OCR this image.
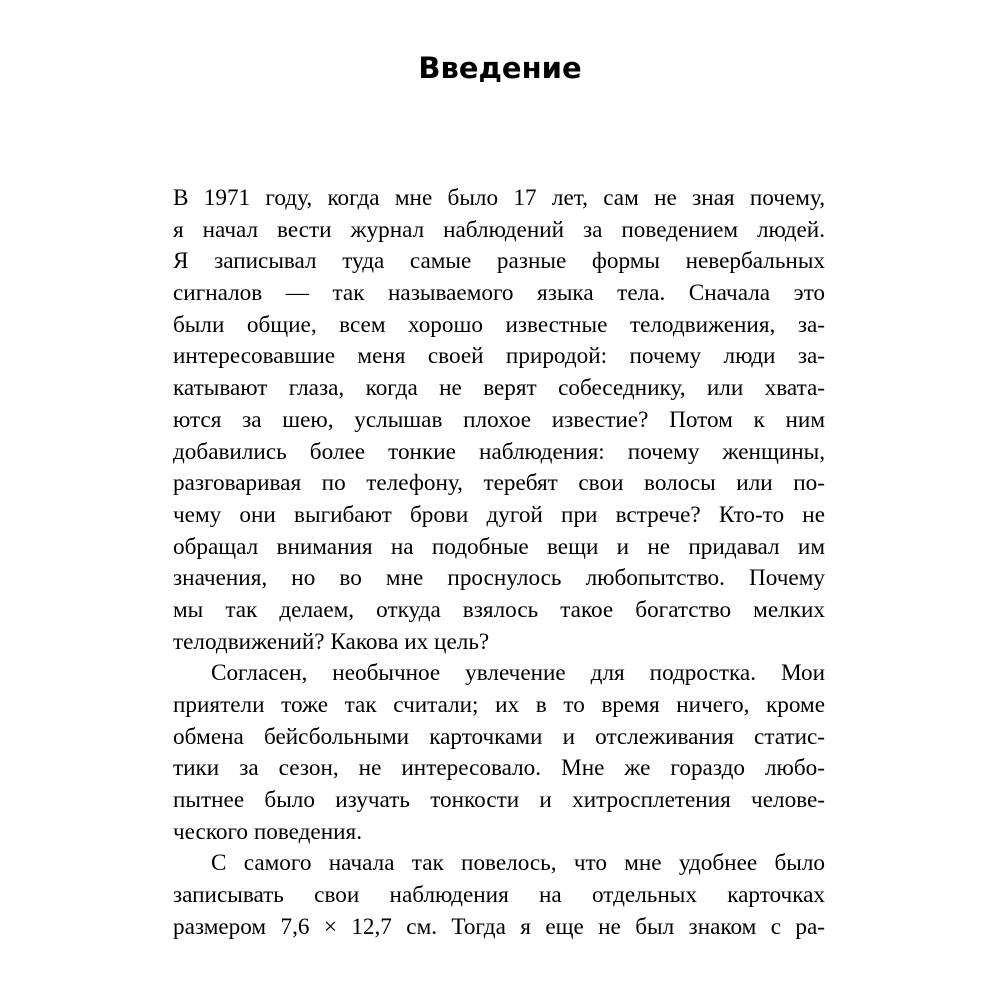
Введение
В 1971 году, когда мне было 17 лет, сам не зная почему,
я начал вести журнал наблюдений за поведением людей.
Я записывал туда самые разные формы невербальных
сигналов — так называемого языка тела. Сначала это
были общие, всем хорошо известные телодвижения, за-
интересовавшие меня своей природой: почему люди за-
катывают глаза, когда не верят собеседнику, или хвата-
ются за шею, услышав плохое известие? Потом к ним
добавились более тонкие наблюдения: почему женщины,
разговаривая по телефону, теребят свои волосы или по-
чему они выгибают брови дугой при встрече? Кто-то не
обращал внимания на подобные вещи и не придавал им
значения, но во мне проснулось любопытство. Почему
мы так делаем, откуда взялось такое богатство мелких
телодвижений? Какова их цель?
Согласен, необычное увлечение для подростка. Мои
приятели тоже так считали; их в то время ничего, кроме
обмена бейсбольными карточками и отслеживания статис-
тики за сезон, не интересовало. Мне же гораздо любо-
пытнее было изучать тонкости и хитросплетения челове-
ческого поведения.
С самого начала так повелось, что мне удобнее было
записывать свои наблюдения на отдельных карточках
размером 7,6 × 12,7 см. Тогда я еще не был знаком с ра-
